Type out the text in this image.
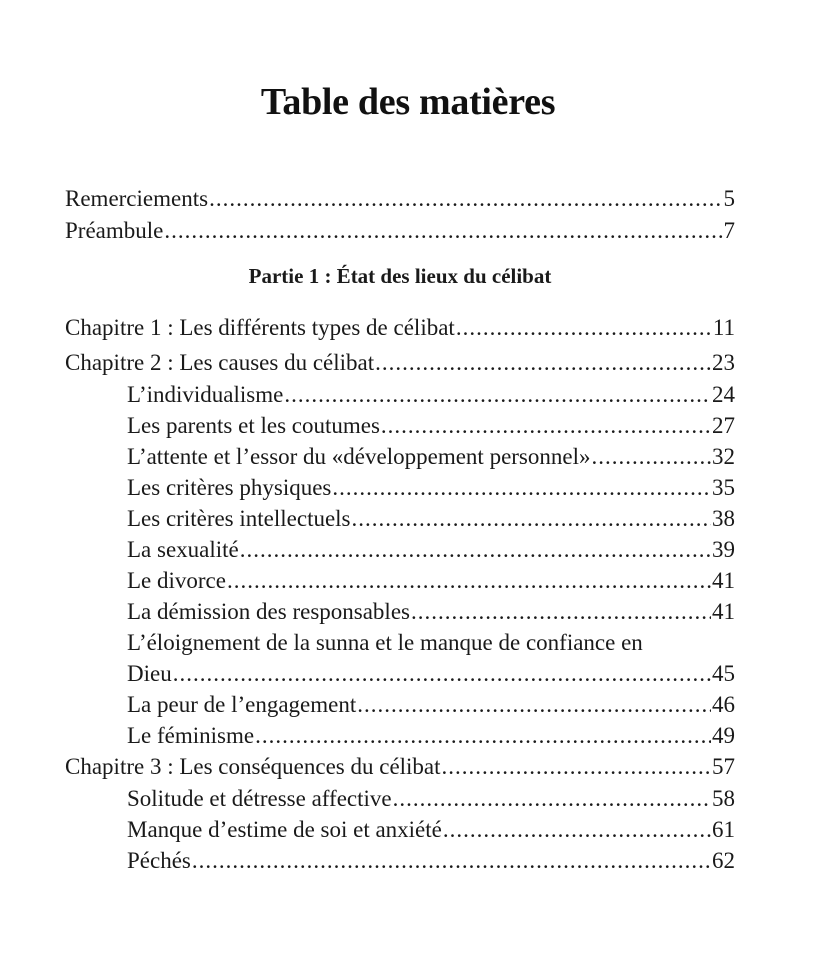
Table des matières
Remerciements .....	5
Préambule .....	7
Partie 1 : État des lieux du célibat
Chapitre 1 : Les différents types de célibat .....	11
Chapitre 2 : Les causes du célibat .....	23
L’individualisme .....	24
Les parents et les coutumes .....	27
L’attente et l’essor du «développement personnel» .....	32
Les critères physiques .....	35
Les critères intellectuels .....	38
La sexualité .....	39
Le divorce .....	41
La démission des responsables .....	41
L’éloignement de la sunna et le manque de confiance en
Dieu .....	45
La peur de l’engagement .....	46
Le féminisme .....	49
Chapitre 3 : Les conséquences du célibat .....	57
Solitude et détresse affective .....	58
Manque d’estime de soi et anxiété .....	61
Péchés .....	62
